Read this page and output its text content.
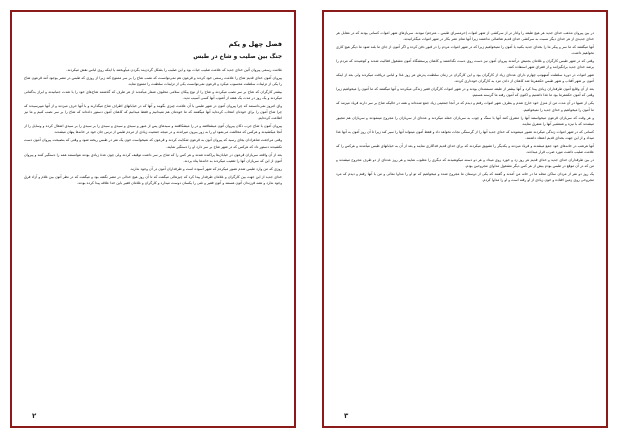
فصل چهل و یکم
جنگ بین صلیب و شاخ در طبس

غلامت رسمی پیروان آئین خدای جدید که علامت صلیب حیات بود و این صلیب را بشکل گردن‌بند بگردن میآویختند یا اینکه روی لباس نقش میکردند.

پیروان آمون خدای قدیم شاخ را علامت رسمی خود کردند و قرعون هم نمی‌توانست که نصب شاخ را بر سر ممنوع کند زیرا از روزی که طبس در مصر بوجود آمد قرعون شاخ را یکی از تزئینات سلطنت محسوب میکرد و قرعون نمی‌توانست یکی از تزئینات سلطنت را ممنوع نماید.

بیشتر کارگران که شاخ بر سر نصب میکردند و شاخ را از نوع پیکان سلامی محلوف شمار میآمدند از هر طرف که گذشتند شاخ‌های خود را با شدت جنبانیدند و ابراز بدگمانی میکردند و یک روز در مدت یک هفته از آشوب آنها کسی آسیب ندید.

وای امروز نمی‌دانستند که چرا پیروان آمون در شهر طبس با آن علامت چیزی بگویند و آنها که در خیابانهای اطراف شاخ میگذارند و با آنها حرف میزدند و از آنها میپرسیدند که چرا شاخ آمون را برای خودتان انتخاب کرده‌اید آنها میگفتند که ما خودمان هم نمیدانیم و فقط میدانیم که کاهنان آمون دستور داده‌اند که شاخ را بر سر نصب کنیم و ما نیز اطاعت کرده‌ایم.

پیروان آمون با شاخ جرب دکان پیروان آتون میشتافتند و در را میشکافتند و سیدهای پس از عبور و سیدی و سیدی و سیدی را بر سیدی را بر سیدی اشغال کرده و وسایل را از آنجا میکشیدند و هرکس که مخالفت می‌نمود او را به زور بیرون میراندند و در نتیجه جمعیت زیادی از مردم طبس از ترس جان خود در خانه‌ها پنهان میشدند.

وقتی مراجعت شاهزادان بجای رسید که پیروان آتون به قرعون شکایت کردند و قرعون که نمیخواست خون یک نفر در طبس ریخته شود و وقتی که بنصیحت پیروان آمون دست نکشیدند دستور داد که هرکس که در شهر شاخ بر سر دارد او را دستگیر نمایند.

بعد از آن واقعه سربازان قرعون در خیابان‌ها پراکنده شدند و هر کس را که شاخ بر سر داشت توقیف کردند ولی چون عدهٔ زیادی بودند نتوانستند همه را دستگیر کنند و پیروان آمون از این که سربازان آنها را تعقیب میکردند به خانه‌ها پناه بردند.

روزی که من وارد طبس شدم تصور میکردم که شهر آسوده است و طرفداران آمون در آن وجود ندارند.

خدای جدید از این جهت بین کارگران و غلامان طرفدار پیدا کرد که چیزهائی میگفت که تا آن روز هیچ خدائی در مصر نگفته بود و میگفت که در نظر آتون بین غلام و آزاد فرق وجود ندارد و همه فرزندان آتون هستند و آتون فقیر و غنی را یکسان دوست میدارد و کارگران و غلامان فقیر باین خدا علاقه پیدا کرده بودند.

۲

در بین پیروان مذهب خدای جدید هر هیچ طبقه را وادار تر از سرکشی از شهر اموات (حرمسرای طبس – مترجم) نبودند. سربازهای شهر اموات کسانی بودند که در مقابل هر خدای جدیدی از هر خدای دیگر نسبت به سرکشی خدای قدیم تقاضائی نداشتند زیرا آنها تمام عمر بکار در شهر اموات میگذرانیدند.

آنها میگفتند که ما سر و پیکر ما را بخدای جدید بکنید یا آمون را نمیخواهیم زیرا که در شهر اموات مردم را در قبور دفن کرده و اگر آمون از جای ما بلند شود ما دیگر هیچ کاری نخواهیم داشت.

وقتی که در شهر طبس کارگران و غلامان بجنبش درآمدند پیروان آمون نیز دست روی دست نگذاشتند و کاهنان پرستشگاه آمون مشغول فعالیت شدند و کوشیدند که مردم را برضد خدای جدید برانگیزانند و از فقرای شهر استفاده کنند.

شهر اموات در دوره سلطنت آمنهوتپ چهارم دارای عده‌ای زیاد از کارگران بود و این کارگران در زمان سلطنت پدرش هر روز غذا و لباس دریافت میکردند ولی بعد از اینکه آمون بر شهر آفتاب و شهر طبس حکمفرما شد کاهنان از دادن مزد به کارگران خودداری کردند.

بعد از آن وقایع آمون طرفداران زیادی پیدا کرد و آنها بیشتر از طبقه مستمندان بودند و در شهر اموات کارگران فقیر زندگی میکردند و آنها میگفتند که ما آمون را میخواهیم زیرا وقتی که آمون حکمفرما بود ما غذا داشتیم و اکنون که آمون رفته ما گرسنه هستیم.

یکی از شبها در آن مدت من از منزل خود خارج شدم و بطرف شهر اموات رفتم و دیدم که در آنجا جمعیتی زیاد جمع شده‌اند و همه در حالیکه شاخ بر سر دارند فریاد میزنند که ما آمون را میخواهیم و خدای جدید را نمیخواهیم.

و هر وقت که سربازان قرعون میخواستند آنها را متفرق کنند آنها با سنگ و چوب به سربازان حمله میکردند و عده‌ای از سربازان را مجروح مینمودند و سربازان هم مجبور میشدند که با نیزه و شمشیر آنها را متفرق نمایند.

کسانی که در شهر اموات زندگی میکردند تصور مینمودند که خدای جدید آنها را از گرسنگی نجات نخواهد داد و فقط آمون میتواند آنها را سیر کند زیرا تا آن روز آمون به آنها غذا میداد و از این جهت بخدای قدیم اعتقاد داشتند.

آنها هرشب در خانه‌های خود جمع میشدند و فریاد میزدند و یکدیگر را تشویق میکردند که برای خدای قدیم فداکاری نمایند و بعد از آن به خیابانهای طبس میآمدند و هرکس را که علامت صلیب داشت مورد ضرب قرار میدادند.

در بین طرفداران خدای جدید و خدای قدیم هر روز زد و خورد روی میداد و هر دو دسته میکوشیدند که دیگری را مغلوب نمایند و هر روز عده‌ای از دو طرف مجروح میشدند و من که در آن موقع در طبس بودم بیش از هر کس دیگر مشغول مداوای مجروحین بودم.

یک روز دو نفر از مردان ساکن محله ما در خانه من آمدند و گفتند که یکی از دوستان ما مجروح شده و میخواهیم که تو او را مداوا نمائی و من با آنها رفتم و دیدم که مرد مجروحی روی زمین افتاده و خون زیادی از او رفته است و او را مداوا کردم.

۳
